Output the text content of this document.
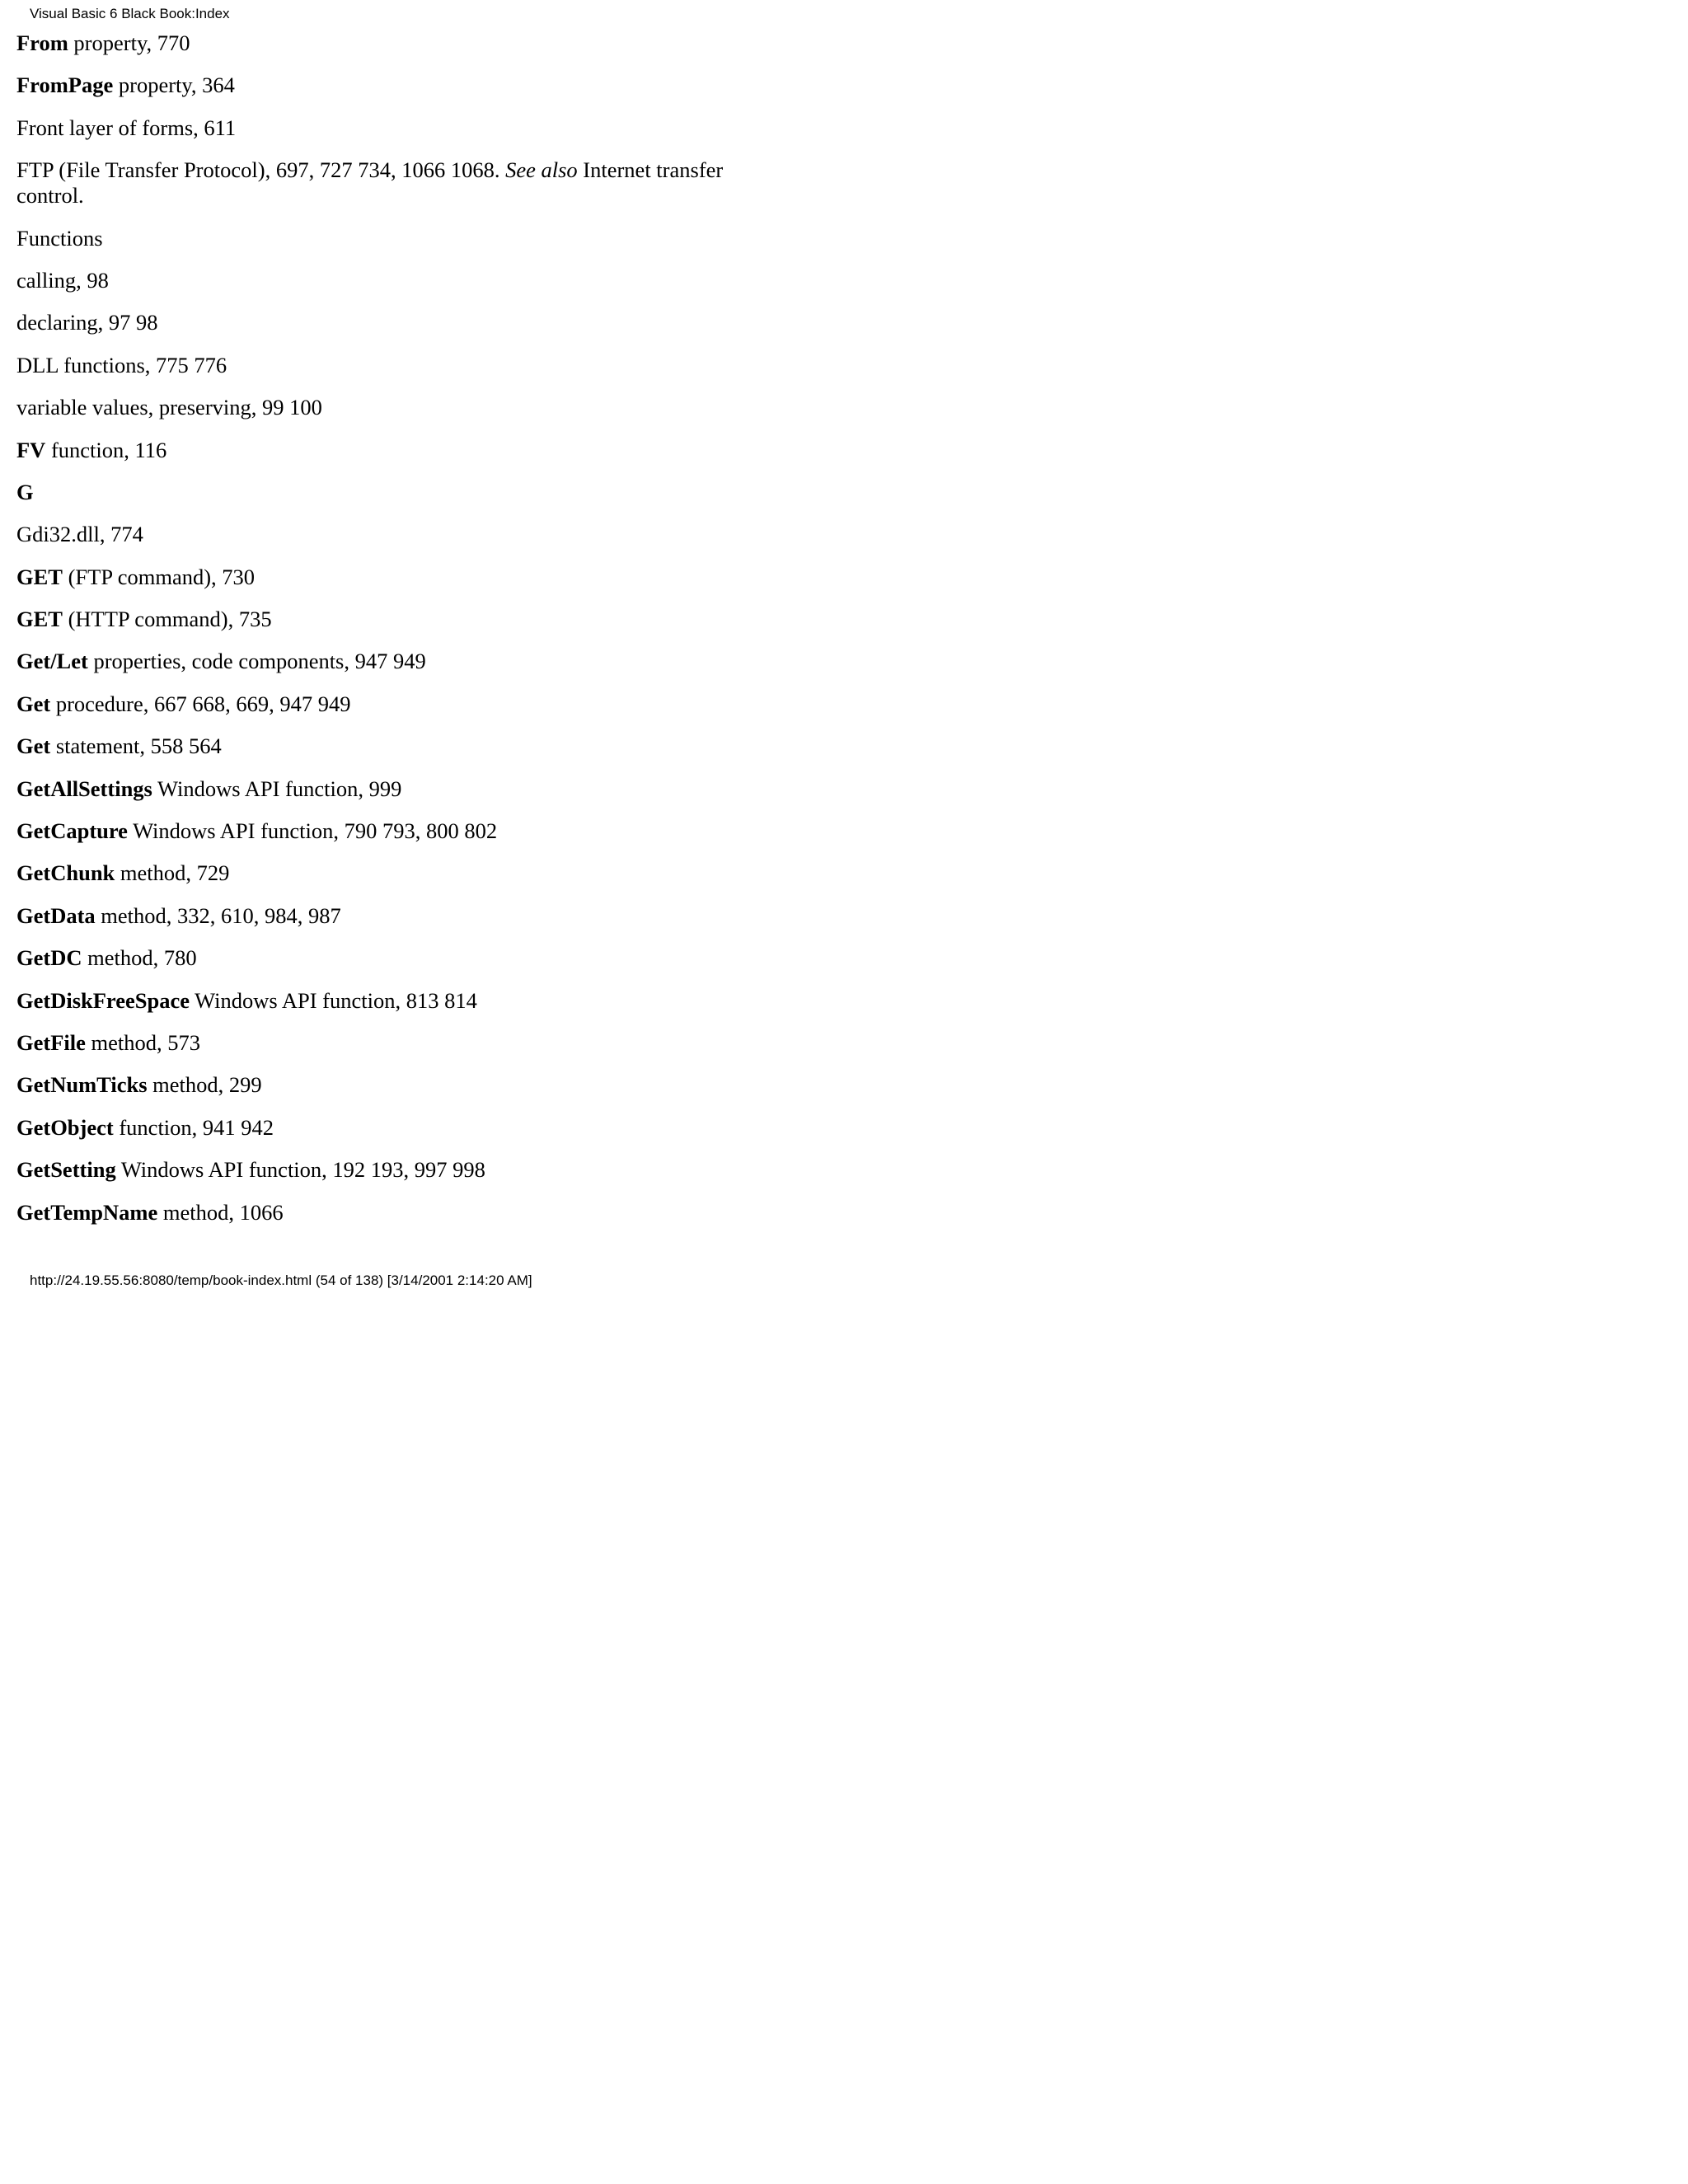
Visual Basic 6 Black Book:Index
From property, 770
FromPage property, 364
Front layer of forms, 611
FTP (File Transfer Protocol), 697, 727 734, 1066 1068. See also Internet transfer control.
Functions
calling, 98
declaring, 97 98
DLL functions, 775 776
variable values, preserving, 99 100
FV function, 116
G
Gdi32.dll, 774
GET (FTP command), 730
GET (HTTP command), 735
Get/Let properties, code components, 947 949
Get procedure, 667 668, 669, 947 949
Get statement, 558 564
GetAllSettings Windows API function, 999
GetCapture Windows API function, 790 793, 800 802
GetChunk method, 729
GetData method, 332, 610, 984, 987
GetDC method, 780
GetDiskFreeSpace Windows API function, 813 814
GetFile method, 573
GetNumTicks method, 299
GetObject function, 941 942
GetSetting Windows API function, 192 193, 997 998
GetTempName method, 1066
http://24.19.55.56:8080/temp/book-index.html (54 of 138) [3/14/2001 2:14:20 AM]
